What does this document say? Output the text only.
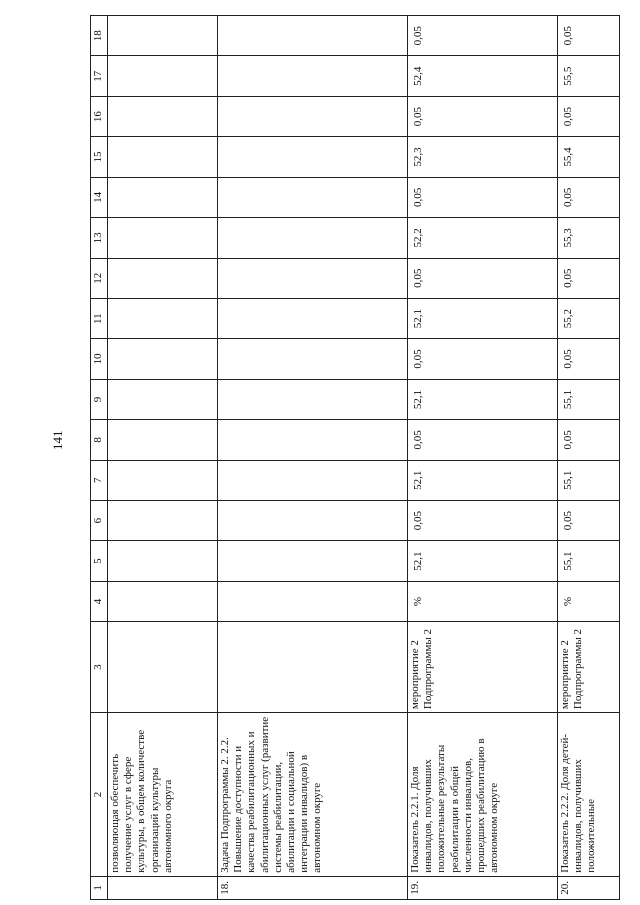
141
1	2	3	4	5	6	7	8	9	10	11	12	13	14	15	16	17	18
	позволяющая обеспечить получение услуг в сфере культуры, в общем количестве организаций культуры автономного округа																
18.	Задача Подпрограммы 2. 2.2. Повышение доступности и качества реабилитационных и абилитационных услуг (развитие системы реабилитации, абилитации и социальной интеграции инвалидов) в автономном округе																
19.	Показатель 2.2.1. Доля инвалидов, получивших положительные результаты реабилитации в общей численности инвалидов, прошедших реабилитацию в автономном округе	мероприятие 2 Подпрограммы 2	%	52,1	0,05	52,1	0,05	52,1	0,05	52,1	0,05	52,2	0,05	52,3	0,05	52,4	0,05
20.	Показатель 2.2.2. Доля детей-инвалидов, получивших положительные	мероприятие 2 Подпрограммы 2	%	55,1	0,05	55,1	0,05	55,1	0,05	55,2	0,05	55,3	0,05	55,4	0,05	55,5	0,05
